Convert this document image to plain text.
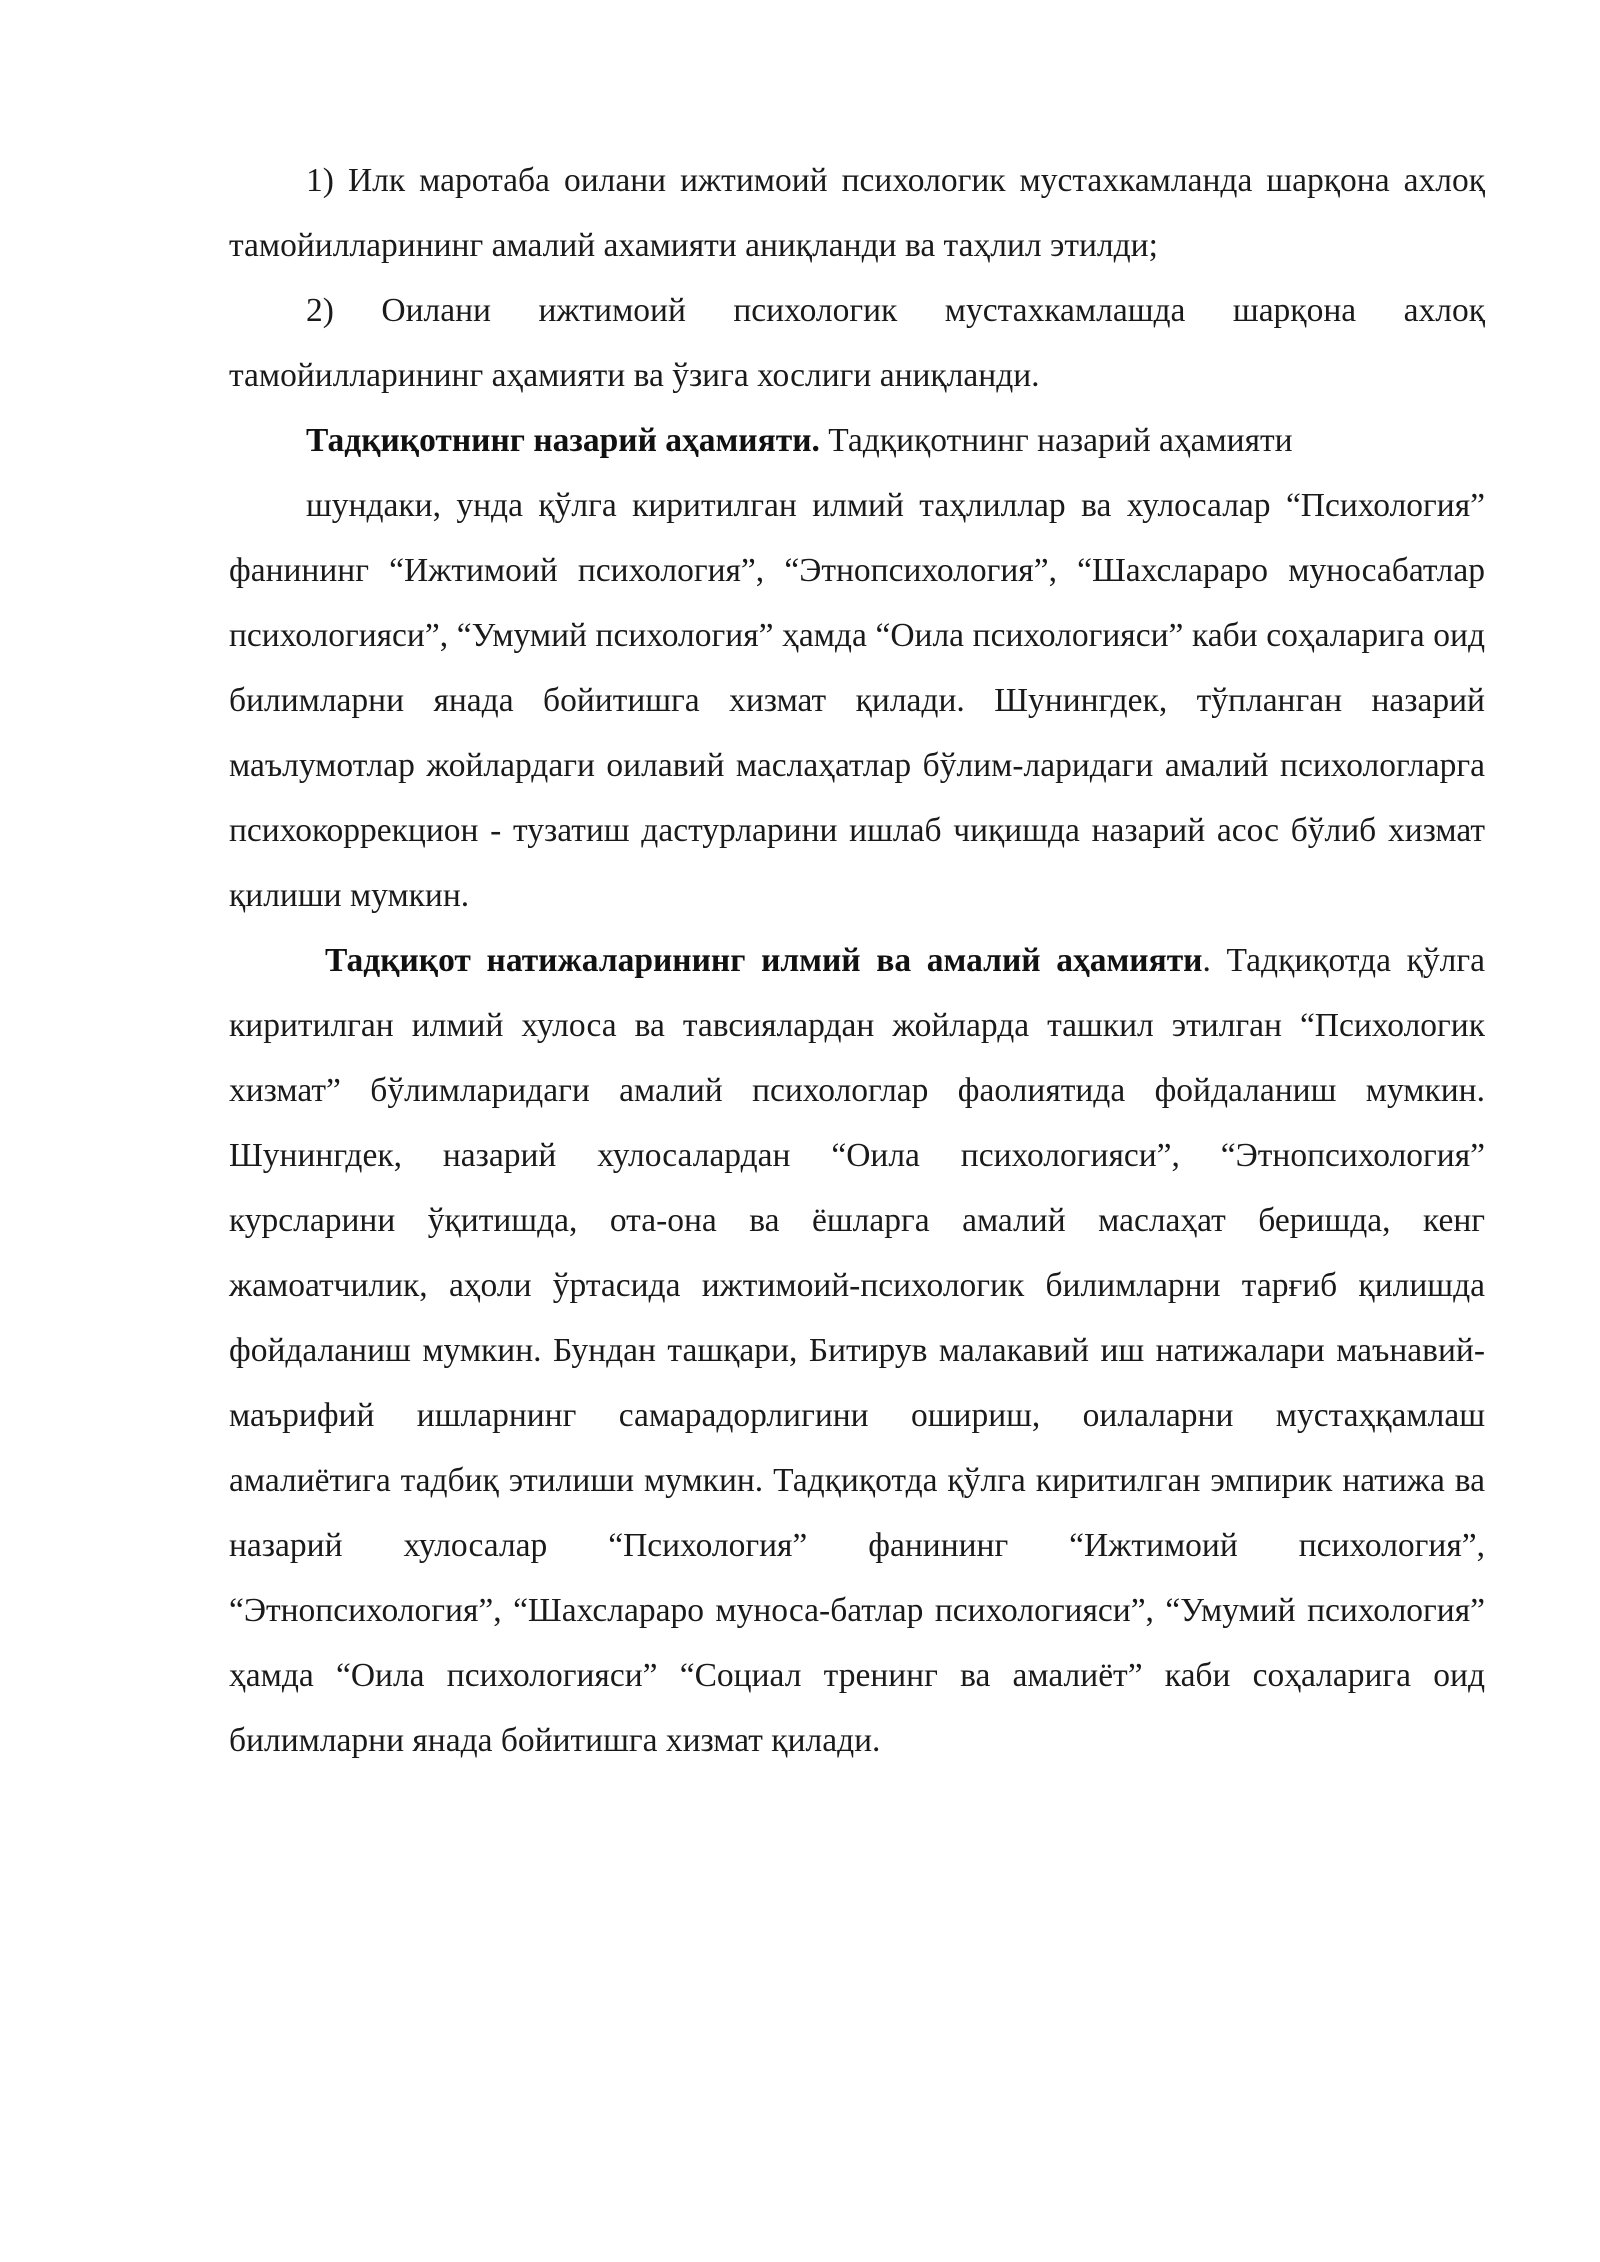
1) Илк маротаба оилани ижтимоий психологик мустахкамланда шарқона ахлоқ тамойилларининг амалий ахамияти аниқланди ва таҳлил этилди;

2) Оилани ижтимоий психологик мустахкамлашда шарқона ахлоқ тамойилларининг аҳамияти ва ўзига хослиги аниқланди.

Тадқиқотнинг назарий аҳамияти. Тадқиқотнинг назарий аҳамияти

шундаки, унда қўлга киритилган илмий таҳлиллар ва хулосалар “Психология” фанининг “Ижтимоий психология”, “Этнопсихология”, “Шахслараро муносабатлар психологияси”, “Умумий психология” ҳамда “Оила психологияси” каби соҳаларига оид билимларни янада бойитишга хизмат қилади. Шунингдек, тўпланган назарий маълумотлар жойлардаги оилавий маслаҳатлар бўлим-ларидаги амалий психологларга психокоррекцион - тузатиш дастурларини ишлаб чиқишда назарий асос бўлиб хизмат қилиши мумкин.

Тадқиқот натижаларининг илмий ва амалий аҳамияти. Тадқиқотда қўлга киритилган илмий хулоса ва тавсиялардан жойларда ташкил этилган “Психологик хизмат” бўлимларидаги амалий психологлар фаолиятида фойдаланиш мумкин. Шунингдек, назарий хулосалардан “Оила психологияси”, “Этнопсихология” курсларини ўқитишда, ота-она ва ёшларга амалий маслаҳат беришда, кенг жамоатчилик, аҳоли ўртасида ижтимоий-психологик билимларни тарғиб қилишда фойдаланиш мумкин. Бундан ташқари, Битирув малакавий иш натижалари маънавий-маърифий ишларнинг самарадорлигини ошириш, оилаларни мустаҳқамлаш амалиётига тадбиқ этилиши мумкин. Тадқиқотда қўлга киритилган эмпирик натижа ва назарий хулосалар “Психология” фанининг “Ижтимоий психология”, “Этнопсихология”, “Шахслараро муноса-батлар психологияси”, “Умумий психология” ҳамда “Оила психологияси” “Социал тренинг ва амалиёт” каби соҳаларига оид билимларни янада бойитишга хизмат қилади.
